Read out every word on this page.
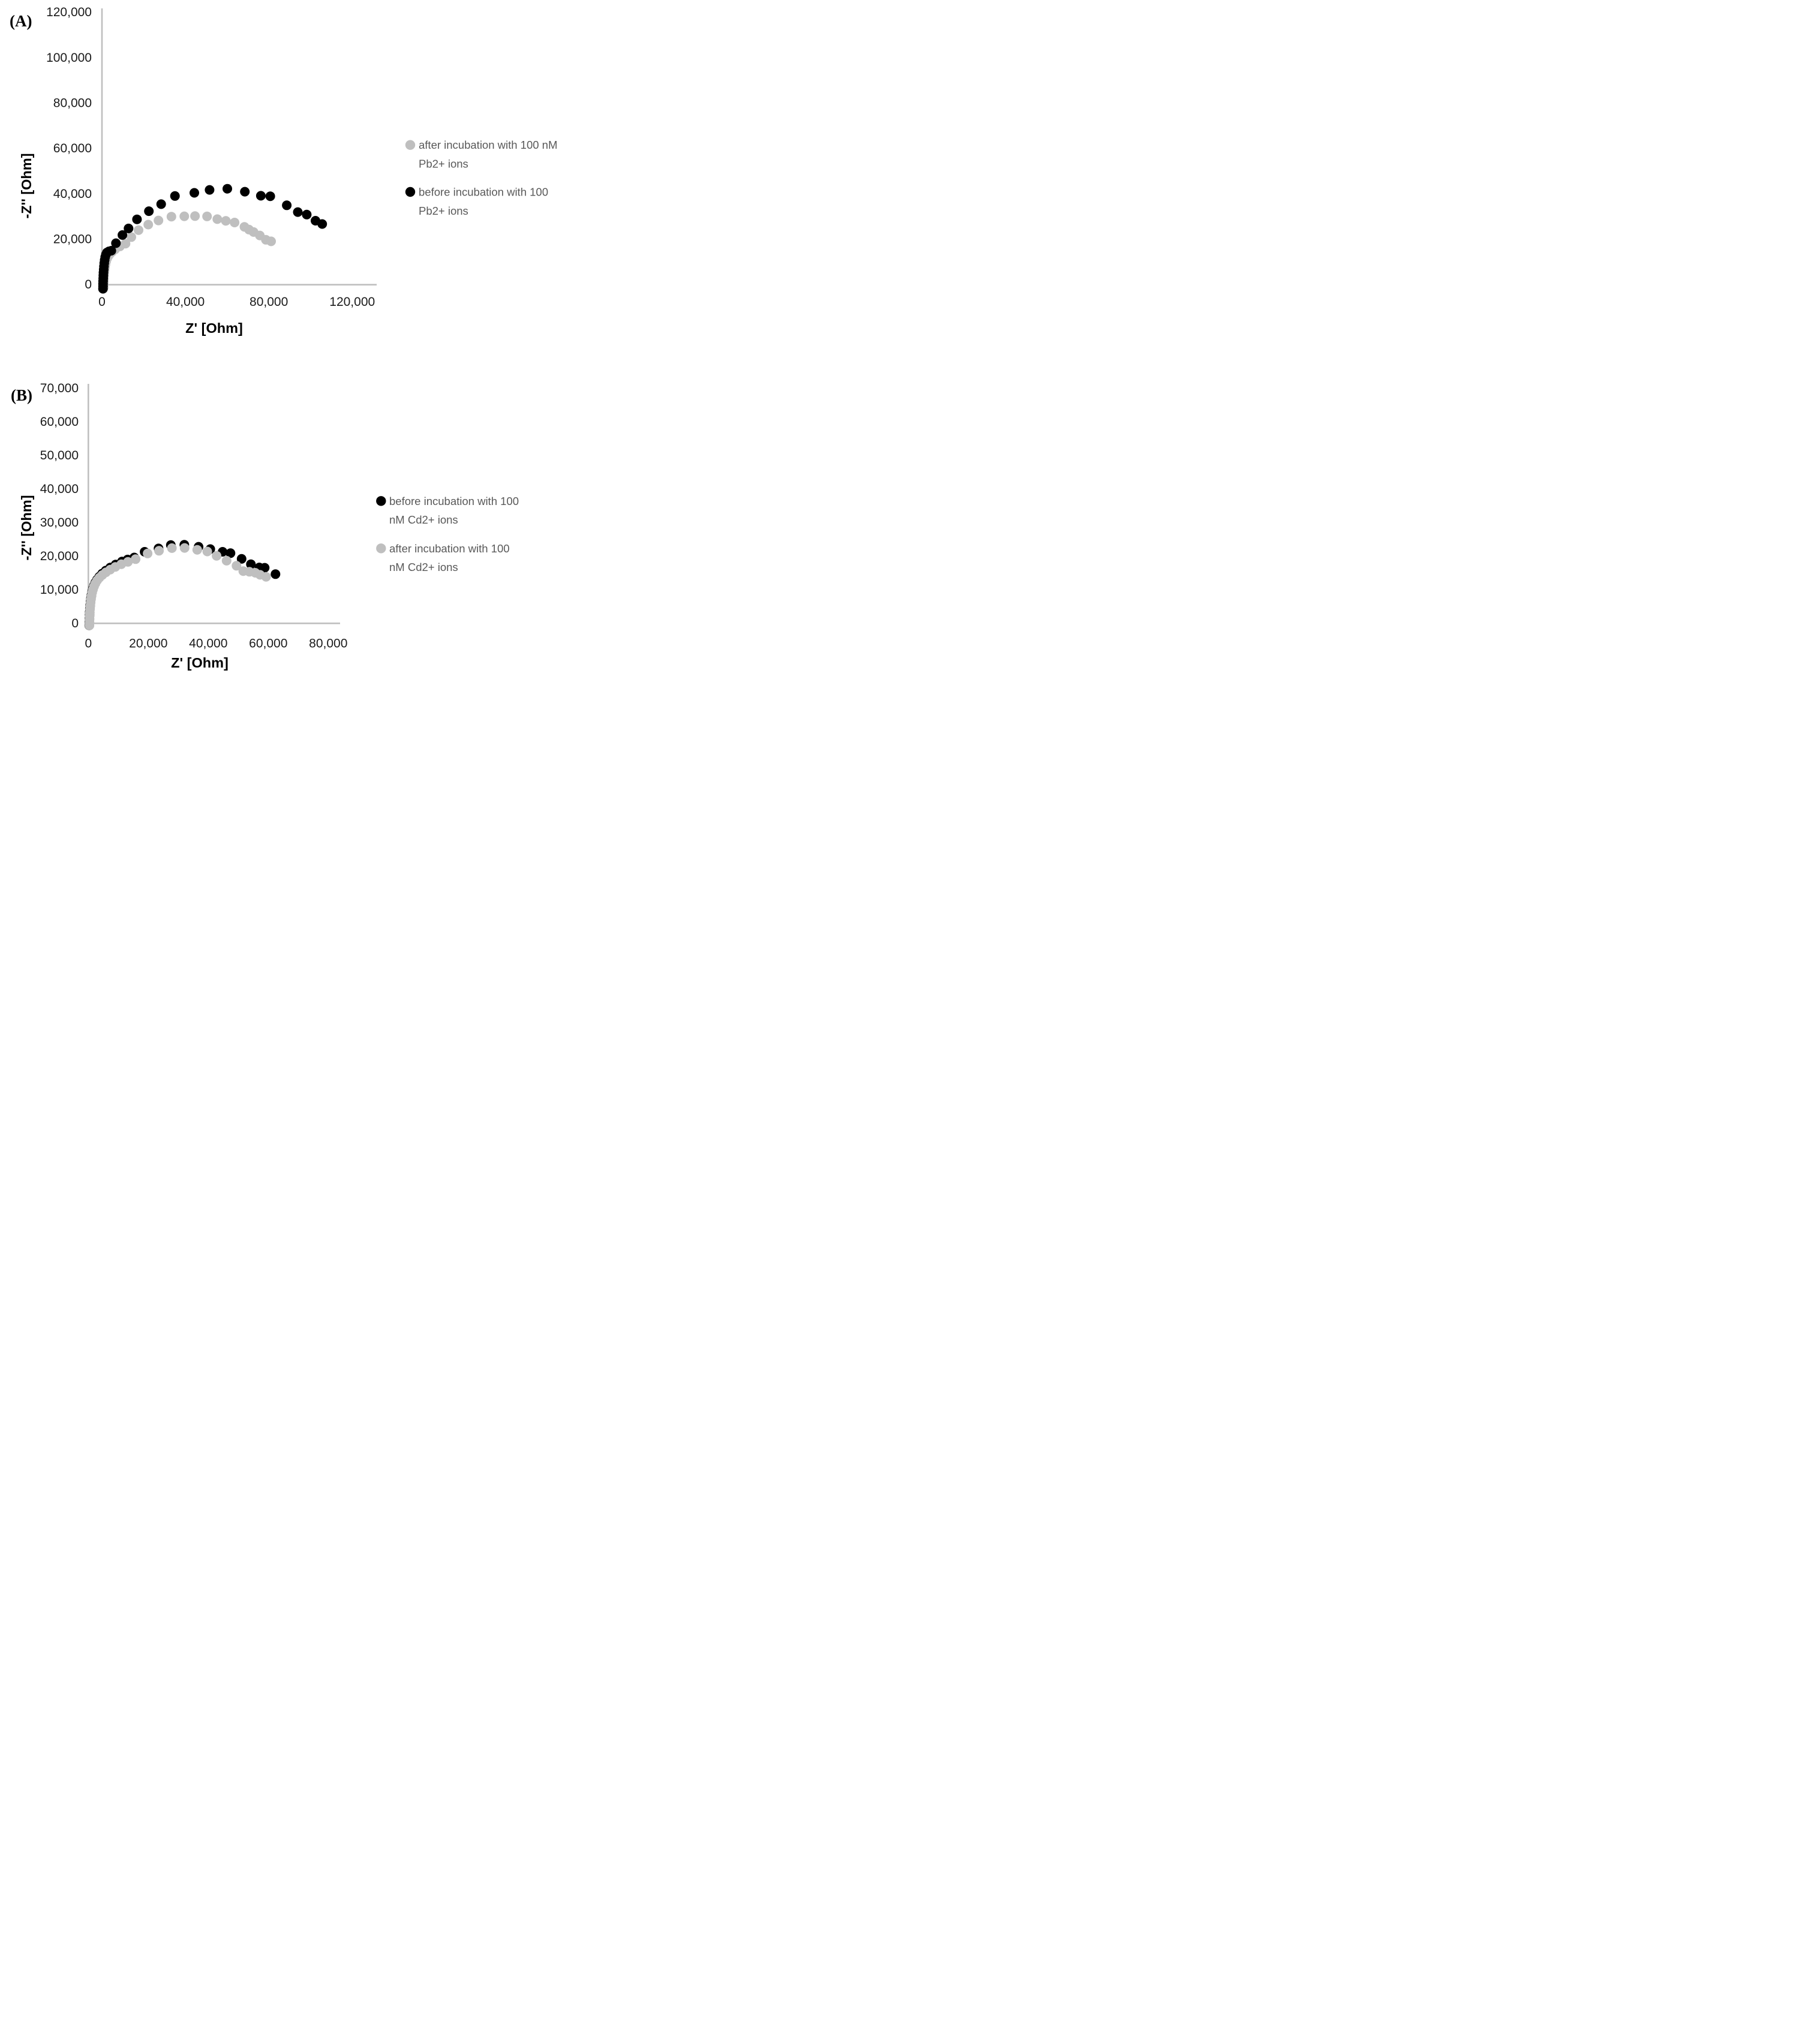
(A)
0
20,000
40,000
60,000
80,000
100,000
120,000
0	40,000	80,000	120,000
Z' [Ohm]
-Z'' [Ohm]
after incubation with 100 nM
Pb2+ ions
before incubation with 100
Pb2+ ions
(B)
0
10,000
20,000
30,000
40,000
50,000
60,000
70,000
0	20,000 40,000 60,000 80,000
Z' [Ohm]
-Z'' [Ohm]	before incubation with 100
nM Cd2+ ions
after incubation with 100
nM Cd2+ ions
